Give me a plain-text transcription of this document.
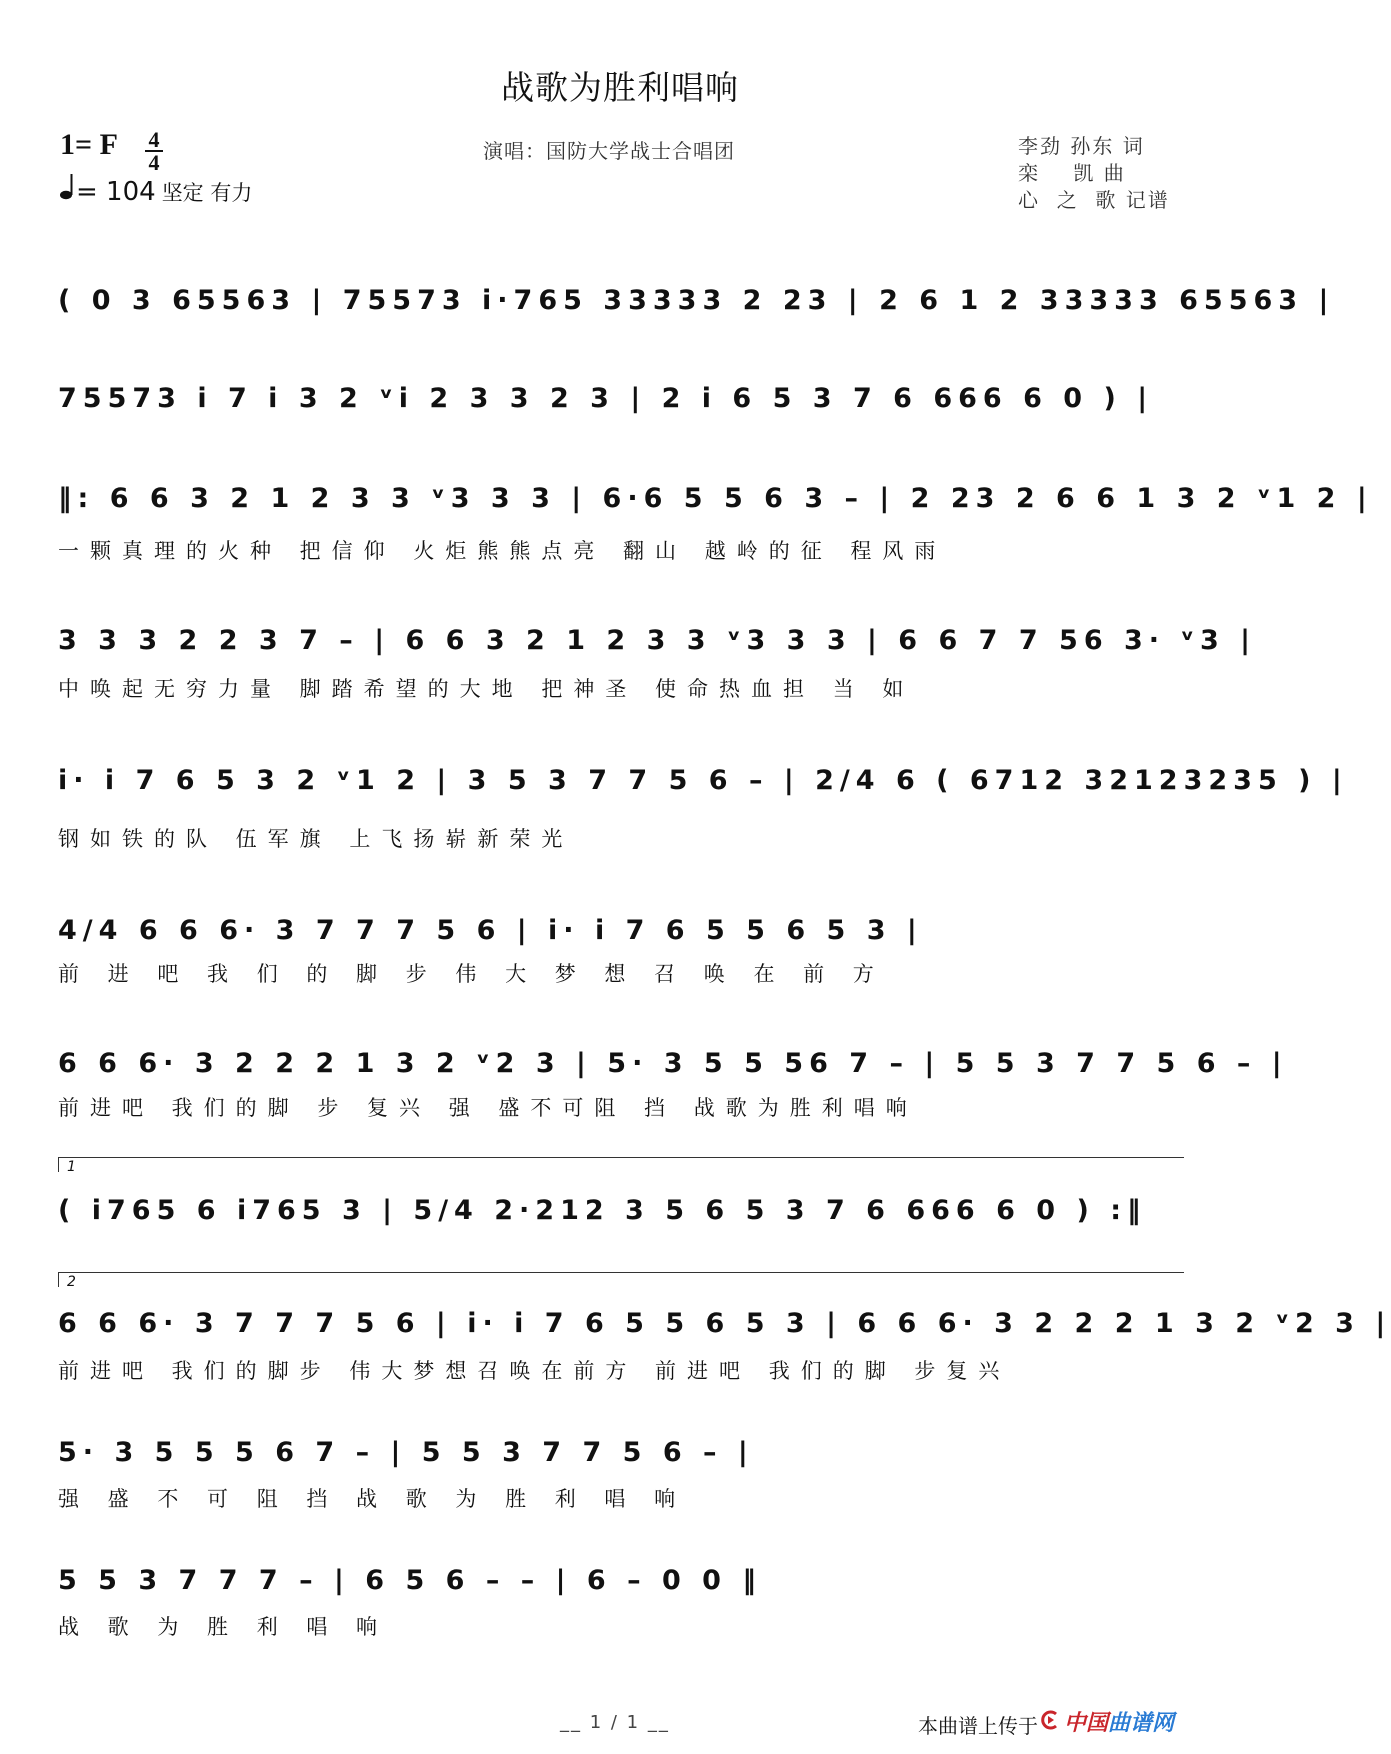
战歌为胜利唱响
1= F 4
4
= 104 坚定 有力
演唱：国防大学战士合唱团	李劲 孙东 词
栾    凯 曲
心  之  歌 记谱
( 0 3 65563 | 75573 i·765 33333 2 23 | 2 6 1 2 33333 65563 |
75573 i 7 i 3 2 ᵛi 2 3 3 2 3 | 2 i 6 5 3 7 6 666 6 0 ) |
‖: 6 6 3 2 1 2 3 3 ᵛ3 3 3 | 6·6 5 5 6 3 – | 2 23 2 6 6 1 3 2 ᵛ1 2 |
一颗真理的火种 把信仰 火炬熊熊点亮 翻山 越岭的征 程风雨
3 3 3 2 2 3 7 – | 6 6 3 2 1 2 3 3 ᵛ3 3 3 | 6 6 7 7 56 3· ᵛ3 |
中唤起无穷力量 脚踏希望的大地 把神圣 使命热血担 当 如
i· i 7 6 5 3 2 ᵛ1 2 | 3 5 3 7 7 5 6 – | 2/4 6 ( 6712 32123235 ) |
钢如铁的队 伍军旗 上飞扬崭新荣光
4/4 6 6 6· 3 7 7 7 5 6 | i· i 7 6 5 5 6 5 3 |
前 进 吧 我 们 的 脚 步 伟 大 梦 想 召 唤 在 前 方
6 6 6· 3 2 2 2 1 3 2 ᵛ2 3 | 5· 3 5 5 56 7 – | 5 5 3 7 7 5 6 – |
前进吧 我们的脚 步 复兴 强 盛不可阻 挡 战歌为胜利唱响
1
( i765 6 i765 3 | 5/4 2·212 3 5 6 5 3 7 6 666 6 0 ) :‖
2
6 6 6· 3 7 7 7 5 6 | i· i 7 6 5 5 6 5 3 | 6 6 6· 3 2 2 2 1 3 2 ᵛ2 3 |
前进吧 我们的脚步 伟大梦想召唤在前方 前进吧 我们的脚 步复兴
5· 3 5 5 5 6 7 – | 5 5 3 7 7 5 6 – |
强 盛 不 可 阻 挡 战 歌 为 胜 利 唱 响
5 5 3 7 7 7 – | 6 5 6 – – | 6 – 0 0 ‖
战 歌 为 胜 利 唱 响
__ 1 / 1 __	本曲谱上传于 中国曲谱网
